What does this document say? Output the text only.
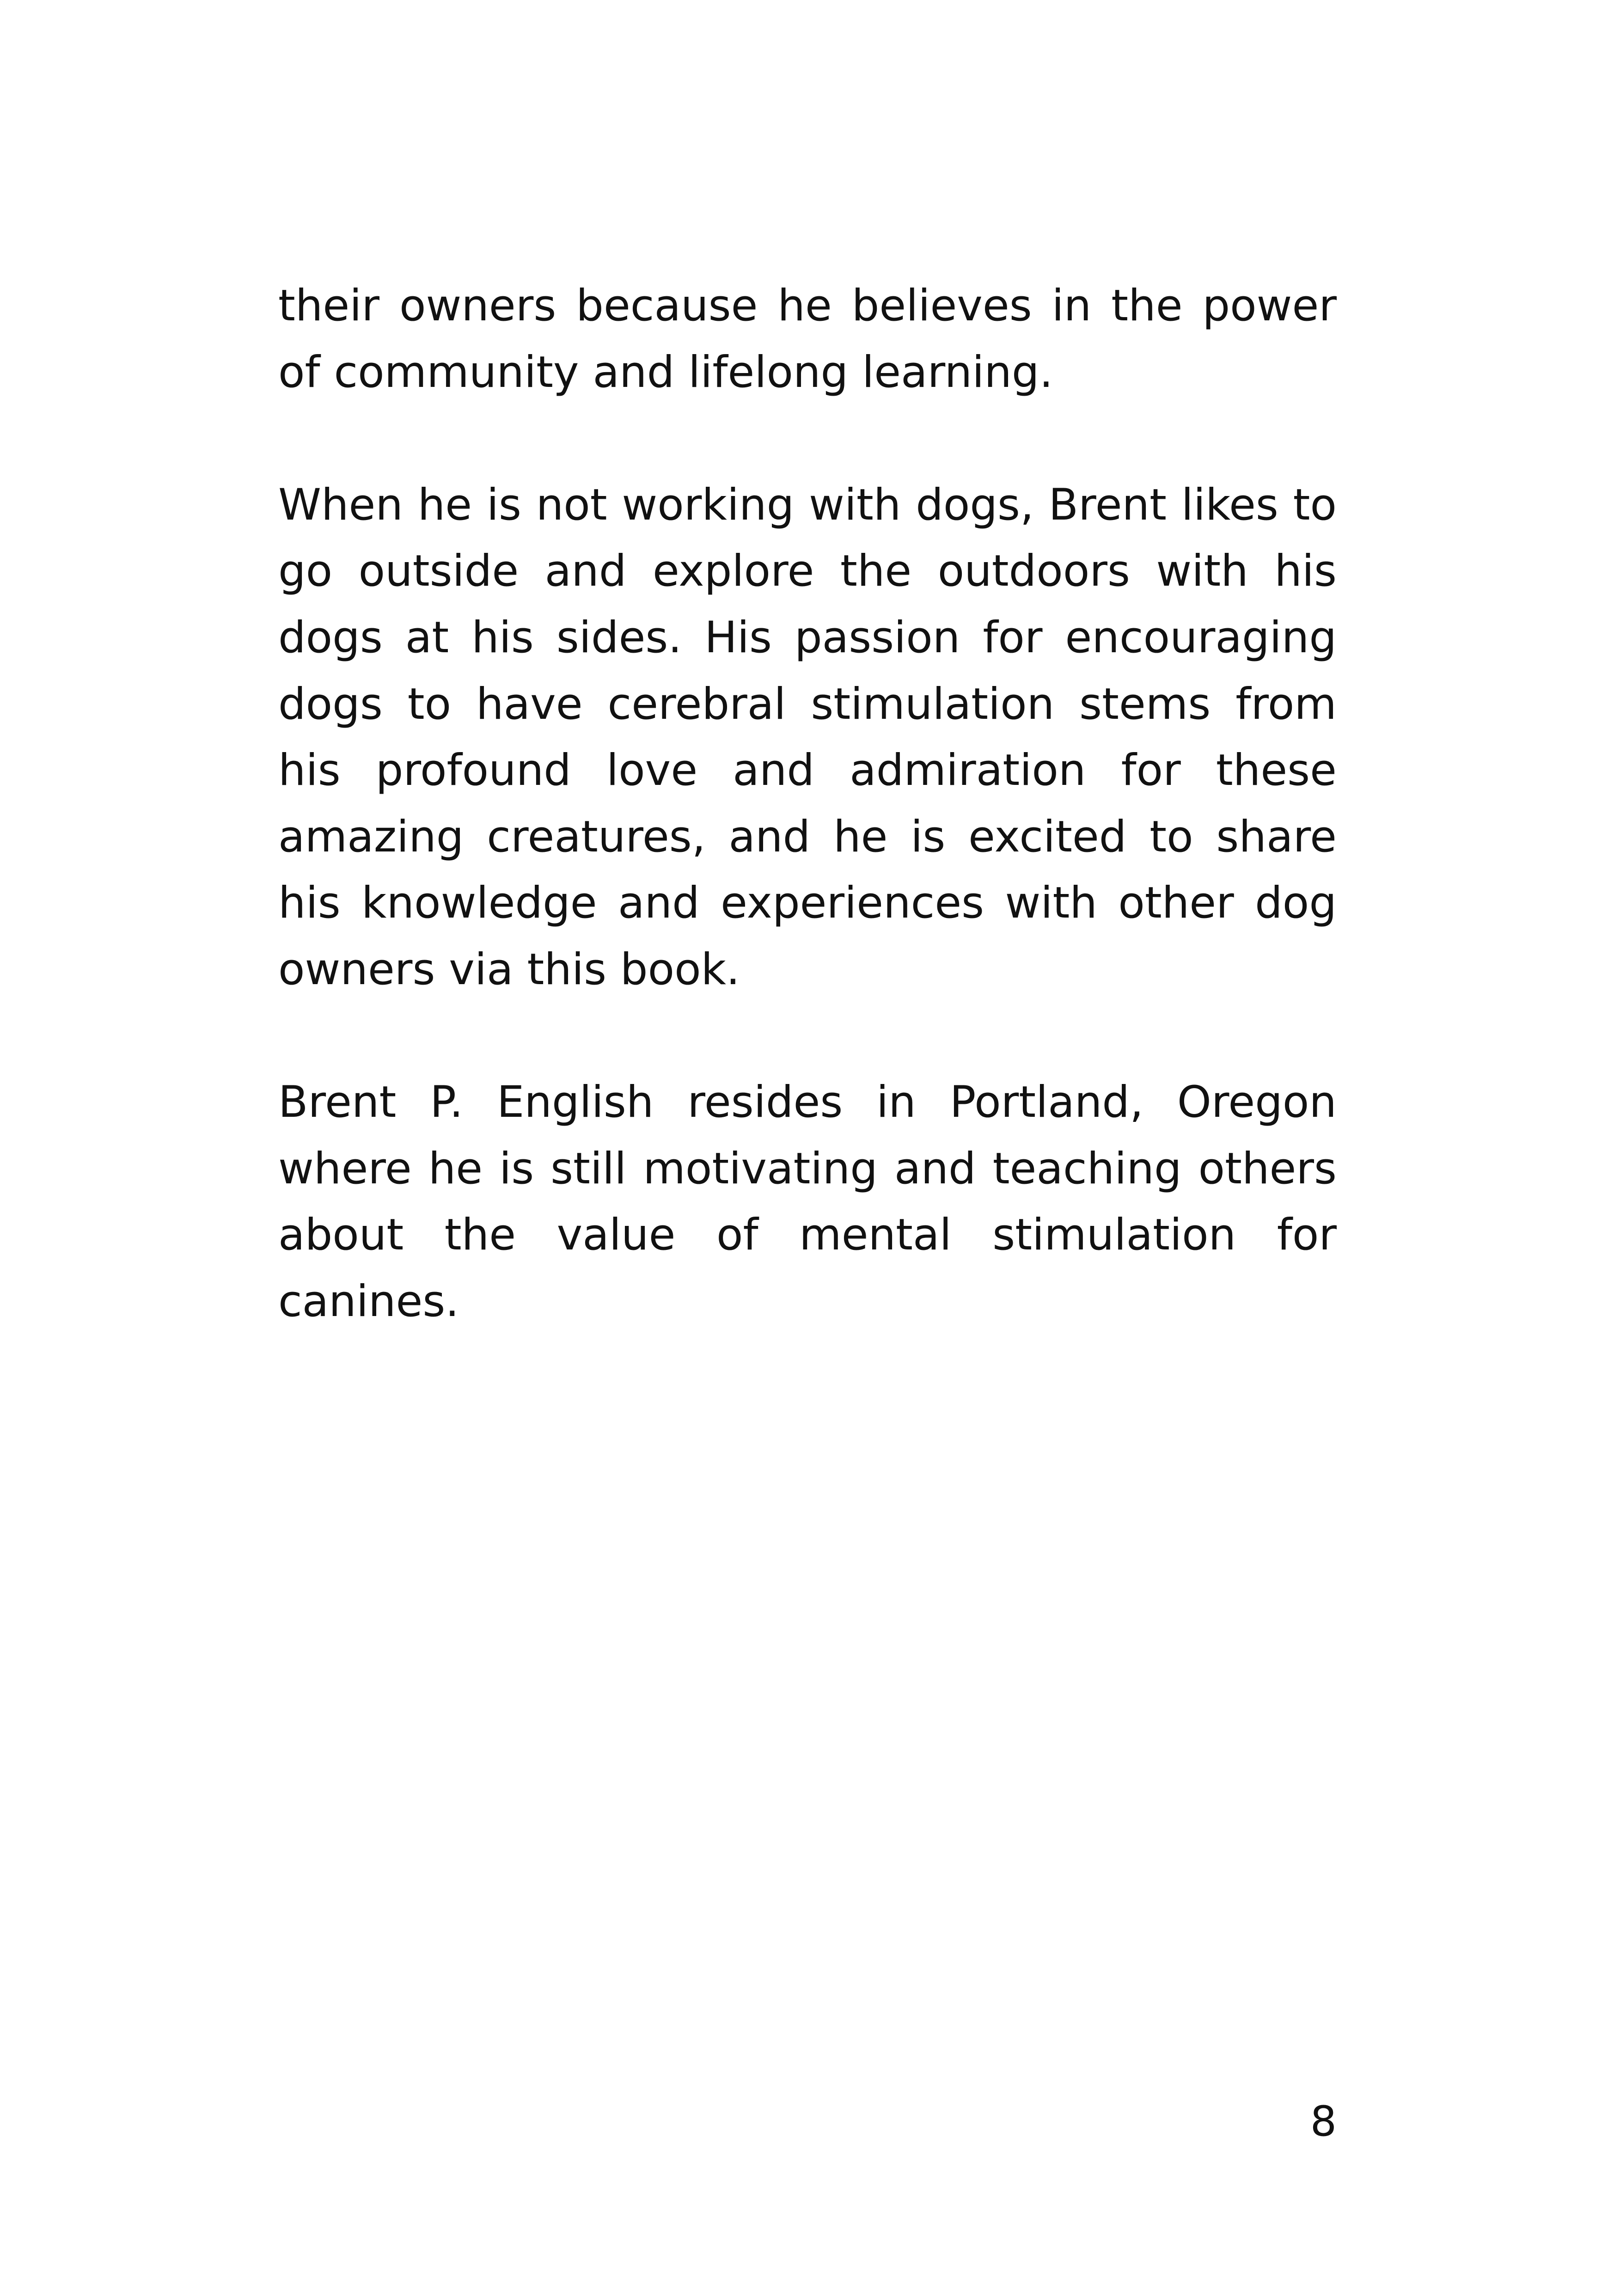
their owners because he believes in the power of community and lifelong learning.

When he is not working with dogs, Brent likes to go outside and explore the outdoors with his dogs at his sides. His passion for encouraging dogs to have cerebral stimulation stems from his profound love and admiration for these amazing creatures, and he is excited to share his knowledge and experiences with other dog owners via this book.

Brent P. English resides in Portland, Oregon where he is still motivating and teaching others about the value of mental stimulation for canines.

8
